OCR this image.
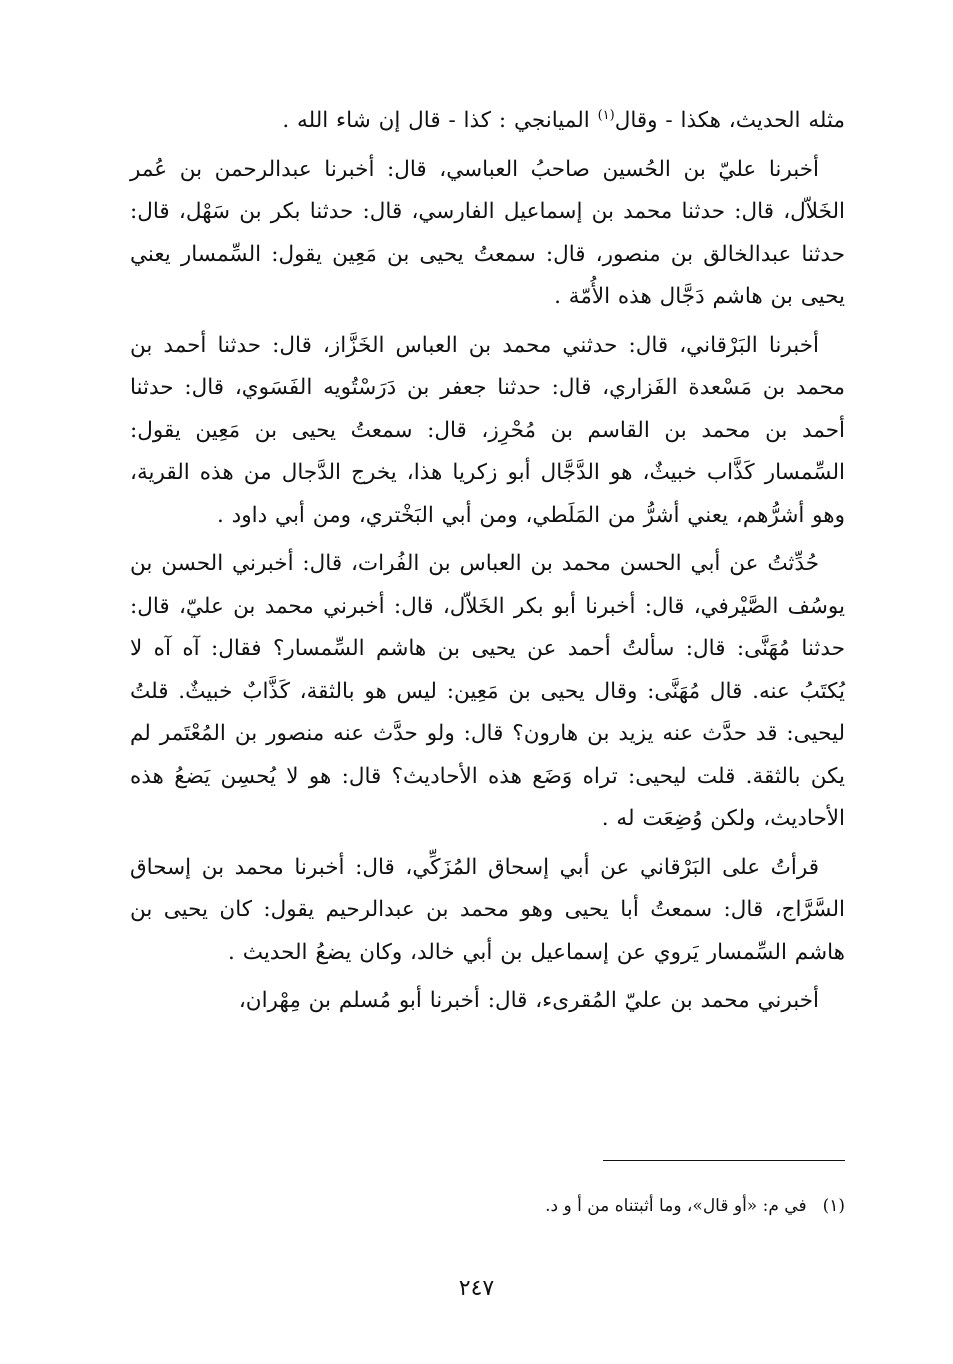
مثله الحديث، هكذا - وقال$^{(١)}$ الميانجي : كذا - قال إن شاء الله .

أخبرنا عليّ بن الحُسين صاحبُ العباسي، قال: أخبرنا عبدالرحمن بن عُمر الخَلاّل، قال: حدثنا محمد بن إسماعيل الفارسي، قال: حدثنا بكر بن سَهْل، قال: حدثنا عبدالخالق بن منصور، قال: سمعتُ يحيى بن مَعِين يقول: السِّمسار يعني يحيى بن هاشم دَجَّال هذه الأُمّة .

أخبرنا البَرْقاني، قال: حدثني محمد بن العباس الخَزَّاز، قال: حدثنا أحمد بن محمد بن مَسْعدة الفَزاري، قال: حدثنا جعفر بن دَرَسْتُويه الفَسَوي، قال: حدثنا أحمد بن محمد بن القاسم بن مُحْرِز، قال: سمعتُ يحيى بن مَعِين يقول: السِّمسار كَذَّاب خبيثٌ، هو الدَّجَّال أبو زكريا هذا، يخرج الدَّجال من هذه القرية، وهو أشرُّهم، يعني أشرُّ من المَلَطي، ومن أبي البَخْتري، ومن أبي داود .

حُدِّثتُ عن أبي الحسن محمد بن العباس بن الفُرات، قال: أخبرني الحسن بن يوسُف الصَّيْرفي، قال: أخبرنا أبو بكر الخَلاّل، قال: أخبرني محمد بن عليّ، قال: حدثنا مُهَنَّى: قال: سألتُ أحمد عن يحيى بن هاشم السِّمسار؟ فقال: آه آه لا يُكتَبُ عنه. قال مُهَنَّى: وقال يحيى بن مَعِين: ليس هو بالثقة، كَذَّابٌ خبيثٌ. قلتُ ليحيى: قد حدَّث عنه يزيد بن هارون؟ قال: ولو حدَّث عنه منصور بن المُعْتَمر لم يكن بالثقة. قلت ليحيى: تراه وَضَع هذه الأحاديث؟ قال: هو لا يُحسِن يَضعُ هذه الأحاديث، ولكن وُضِعَت له .

قرأتُ على البَرْقاني عن أبي إسحاق المُزَكِّي، قال: أخبرنا محمد بن إسحاق السَّرَّاج، قال: سمعتُ أبا يحيى وهو محمد بن عبدالرحيم يقول: كان يحيى بن هاشم السِّمسار يَروي عن إسماعيل بن أبي خالد، وكان يضعُ الحديث .

أخبرني محمد بن عليّ المُقرىء، قال: أخبرنا أبو مُسلم بن مِهْران،

(١)في م: «أو قال»، وما أثبتناه من أ و د.
٢٤٧
